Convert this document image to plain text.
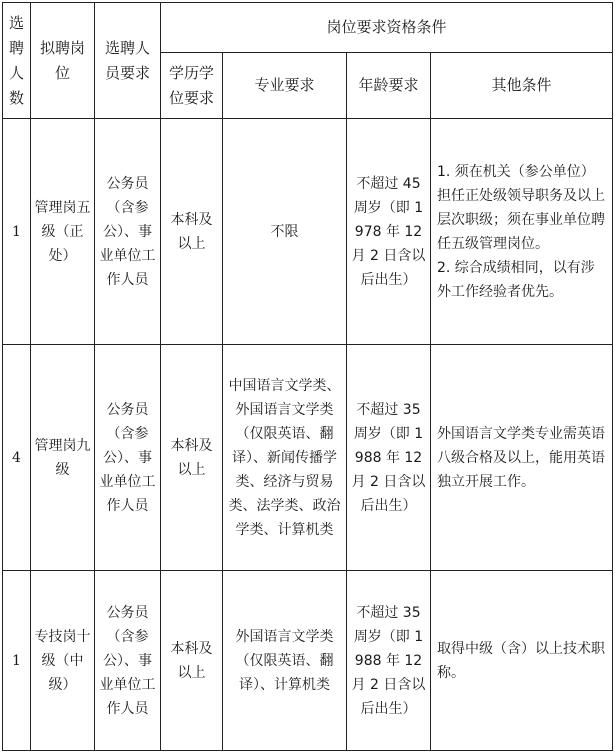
选聘人数	拟聘岗位	选聘人员要求	岗位要求资格条件			
			学历学位要求	专业要求	年龄要求	其他条件
1	管理岗五级（正处）	公务员（含参公）、事业单位工作人员	本科及以上	不限	不超过 45 周岁（即 1978 年 12 月 2 日含以后出生）	1. 须在机关（参公单位）担任正处级领导职务及以上层次职级；须在事业单位聘任五级管理岗位。
2. 综合成绩相同，以有涉外工作经验者优先。

4	管理岗九级	公务员（含参公）、事业单位工作人员	本科及以上	中国语言文学类、外国语言文学类（仅限英语、翻译）、新闻传播学类、经济与贸易类、法学类、政治学类、计算机类	不超过 35 周岁（即 1988 年 12 月 2 日含以后出生）	外国语言文学类专业需英语八级合格及以上，能用英语独立开展工作。

1	专技岗十级（中级）	公务员（含参公）、事业单位工作人员	本科及以上	外国语言文学类（仅限英语、翻译）、计算机类	不超过 35 周岁（即 1988 年 12 月 2 日含以后出生）	取得中级（含）以上技术职称。
